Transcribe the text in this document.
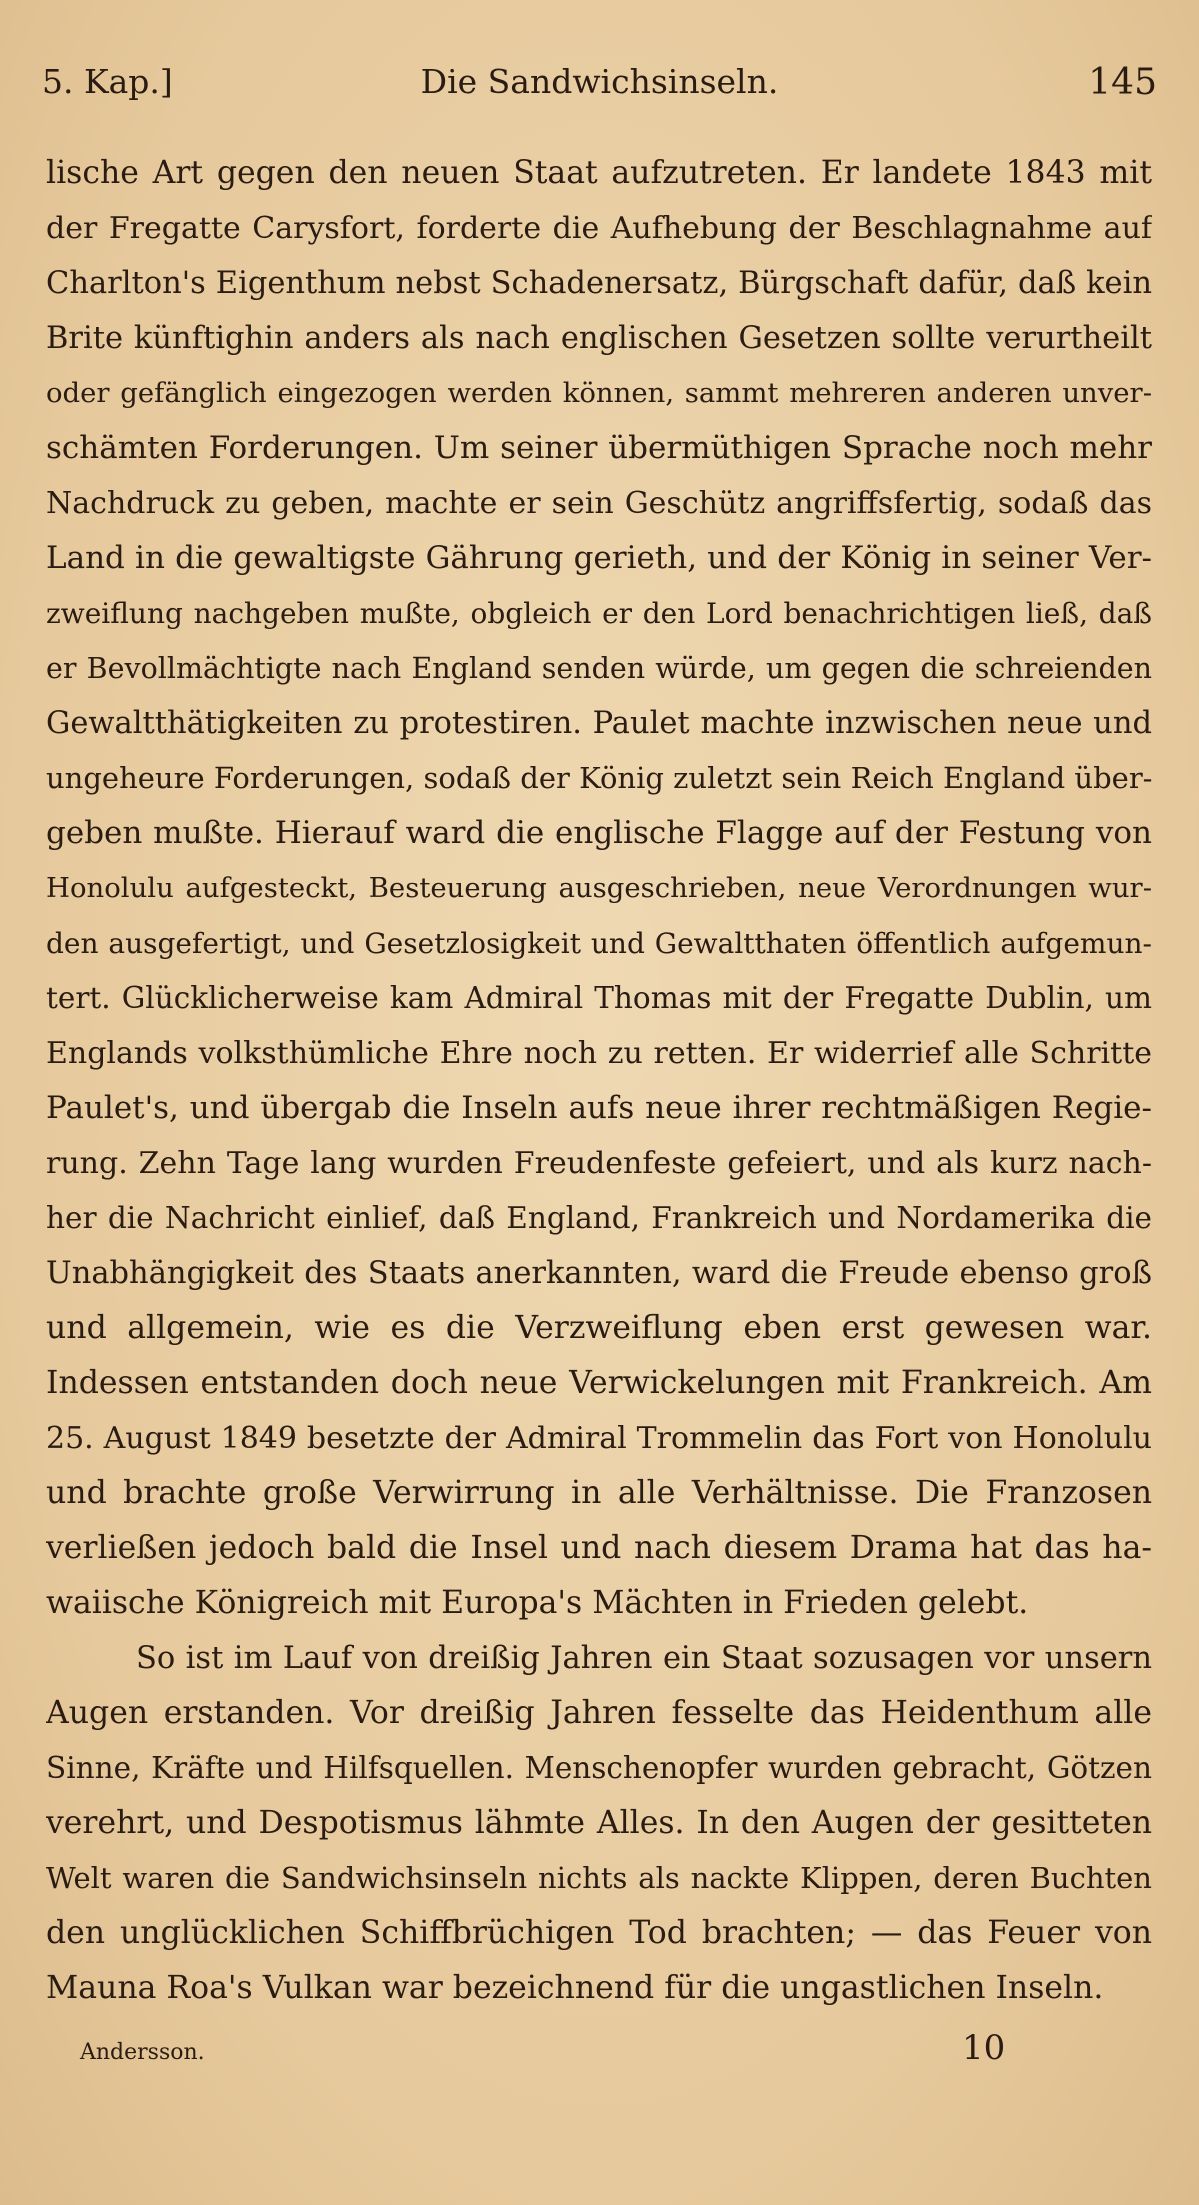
5. Kap.]	Die Sandwichsinseln.	145
lische Art gegen den neuen Staat aufzutreten. Er landete 1843 mit
der Fregatte Carysfort, forderte die Aufhebung der Beschlagnahme auf
Charlton's Eigenthum nebst Schadenersatz, Bürgschaft dafür, daß kein
Brite künftighin anders als nach englischen Gesetzen sollte verurtheilt
oder gefänglich eingezogen werden können, sammt mehreren anderen unver-
schämten Forderungen. Um seiner übermüthigen Sprache noch mehr
Nachdruck zu geben, machte er sein Geschütz angriffsfertig, sodaß das
Land in die gewaltigste Gährung gerieth, und der König in seiner Ver-
zweiflung nachgeben mußte, obgleich er den Lord benachrichtigen ließ, daß
er Bevollmächtigte nach England senden würde, um gegen die schreienden
Gewaltthätigkeiten zu protestiren. Paulet machte inzwischen neue und
ungeheure Forderungen, sodaß der König zuletzt sein Reich England über-
geben mußte. Hierauf ward die englische Flagge auf der Festung von
Honolulu aufgesteckt, Besteuerung ausgeschrieben, neue Verordnungen wur-
den ausgefertigt, und Gesetzlosigkeit und Gewaltthaten öffentlich aufgemun-
tert. Glücklicherweise kam Admiral Thomas mit der Fregatte Dublin, um
Englands volksthümliche Ehre noch zu retten. Er widerrief alle Schritte
Paulet's, und übergab die Inseln aufs neue ihrer rechtmäßigen Regie-
rung. Zehn Tage lang wurden Freudenfeste gefeiert, und als kurz nach-
her die Nachricht einlief, daß England, Frankreich und Nordamerika die
Unabhängigkeit des Staats anerkannten, ward die Freude ebenso groß
und allgemein, wie es die Verzweiflung eben erst gewesen war.
Indessen entstanden doch neue Verwickelungen mit Frankreich. Am
25. August 1849 besetzte der Admiral Trommelin das Fort von Honolulu
und brachte große Verwirrung in alle Verhältnisse. Die Franzosen
verließen jedoch bald die Insel und nach diesem Drama hat das ha-
waiische Königreich mit Europa's Mächten in Frieden gelebt.
So ist im Lauf von dreißig Jahren ein Staat sozusagen vor unsern
Augen erstanden. Vor dreißig Jahren fesselte das Heidenthum alle
Sinne, Kräfte und Hilfsquellen. Menschenopfer wurden gebracht, Götzen
verehrt, und Despotismus lähmte Alles. In den Augen der gesitteten
Welt waren die Sandwichsinseln nichts als nackte Klippen, deren Buchten
den unglücklichen Schiffbrüchigen Tod brachten; — das Feuer von
Mauna Roa's Vulkan war bezeichnend für die ungastlichen Inseln.
Andersson.	10
